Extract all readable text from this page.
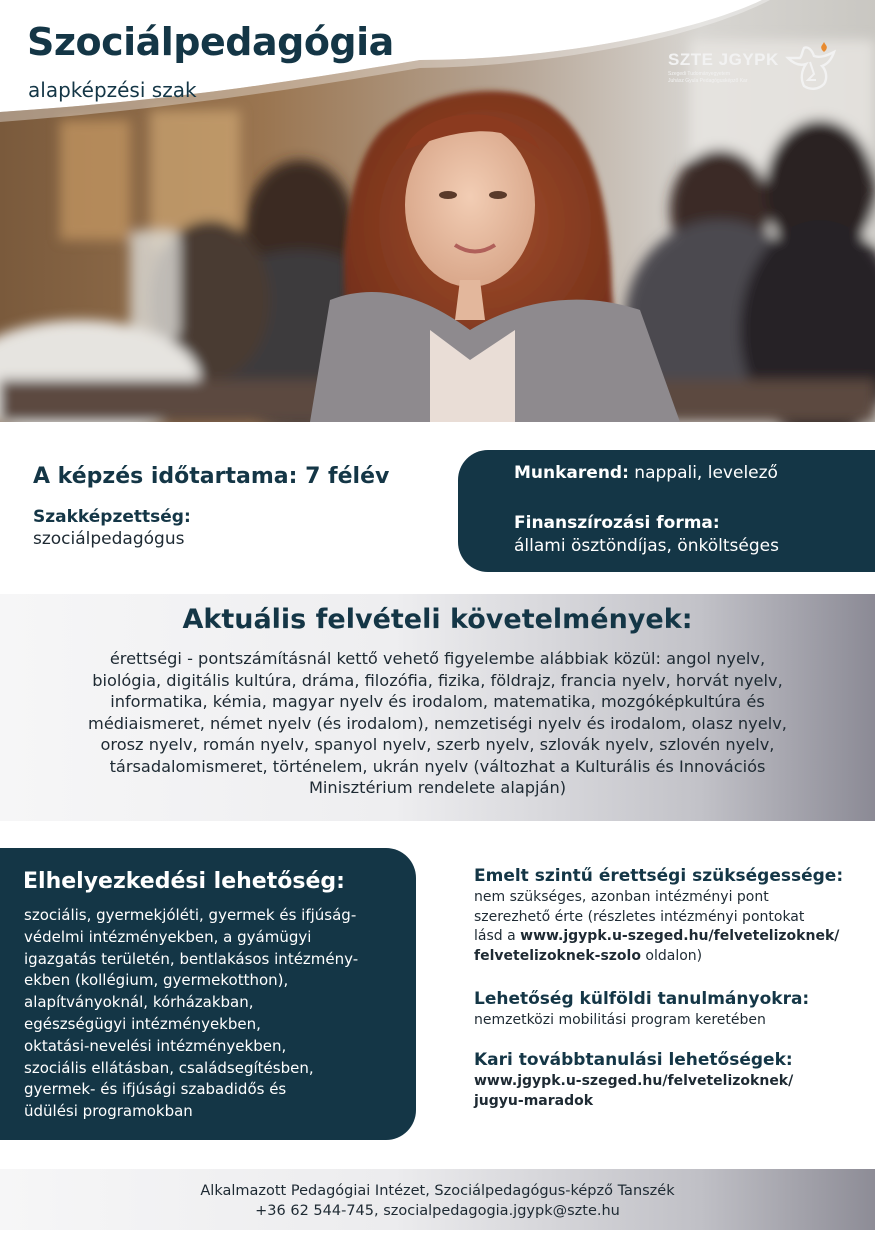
Szociálpedagógia
alapképzési szak
SZTE JGYPK
Szegedi Tudományegyetem
Juhász Gyula Pedagógusképző Kar
A képzés időtartama: 7 félév
Szakképzettség:
szociálpedagógus
Munkarend: nappali, levelező
Finanszírozási forma:
állami ösztöndíjas, önköltséges
Aktuális felvételi követelmények:
érettségi - pontszámításnál kettő vehető figyelembe alábbiak közül: angol nyelv,
biológia, digitális kultúra, dráma, filozófia, fizika, földrajz, francia nyelv, horvát nyelv,
informatika, kémia, magyar nyelv és irodalom, matematika, mozgóképkultúra és
médiaismeret, német nyelv (és irodalom), nemzetiségi nyelv és irodalom, olasz nyelv,
orosz nyelv, román nyelv, spanyol nyelv, szerb nyelv, szlovák nyelv, szlovén nyelv,
társadalomismeret, történelem, ukrán nyelv (változhat a Kulturális és Innovációs
Minisztérium rendelete alapján)
Elhelyezkedési lehetőség:
szociális, gyermekjóléti, gyermek és ifjúság-
védelmi intézményekben, a gyámügyi
igazgatás területén, bentlakásos intézmény-
ekben (kollégium, gyermekotthon),
alapítványoknál, kórházakban,
egészségügyi intézményekben,
oktatási-nevelési intézményekben,
szociális ellátásban, családsegítésben,
gyermek- és ifjúsági szabadidős és
üdülési programokban
Emelt szintű érettségi szükségessége:
nem szükséges, azonban intézményi pont
szerezhető érte (részletes intézményi pontokat
lásd a www.jgypk.u-szeged.hu/felvetelizoknek/
felvetelizoknek-szolo oldalon)
Lehetőség külföldi tanulmányokra:
nemzetközi mobilitási program keretében
Kari továbbtanulási lehetőségek:
www.jgypk.u-szeged.hu/felvetelizoknek/
jugyu-maradok
Alkalmazott Pedagógiai Intézet, Szociálpedagógus-képző Tanszék
+36 62 544-745, szocialpedagogia.jgypk@szte.hu
